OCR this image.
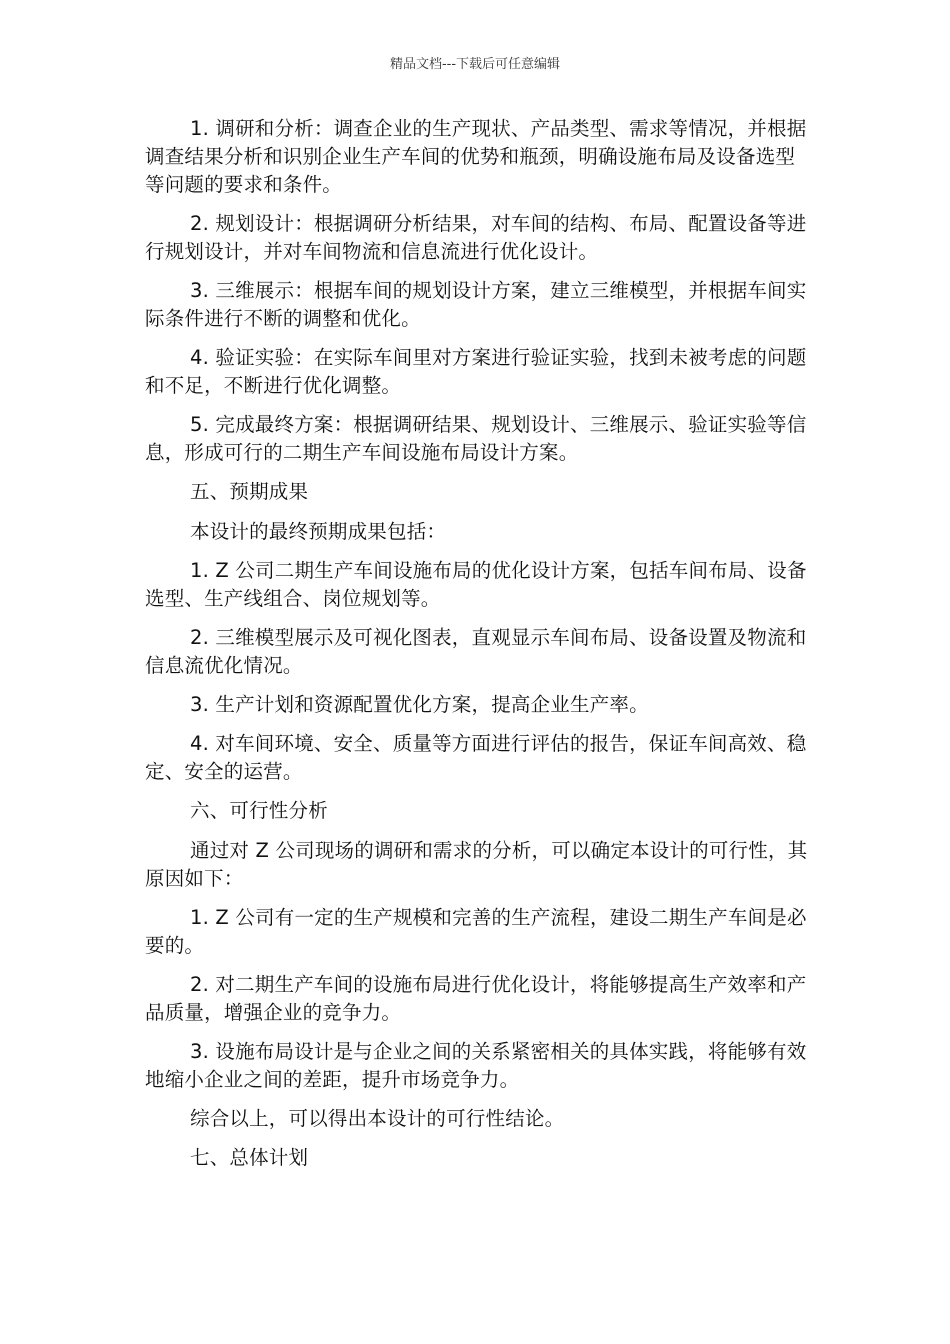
精品文档---下载后可任意编辑

1. 调研和分析：调查企业的生产现状、产品类型、需求等情况，并根据调查结果分析和识别企业生产车间的优势和瓶颈，明确设施布局及设备选型等问题的要求和条件。

2. 规划设计：根据调研分析结果，对车间的结构、布局、配置设备等进行规划设计，并对车间物流和信息流进行优化设计。

3. 三维展示：根据车间的规划设计方案，建立三维模型，并根据车间实际条件进行不断的调整和优化。

4. 验证实验：在实际车间里对方案进行验证实验，找到未被考虑的问题和不足，不断进行优化调整。

5. 完成最终方案：根据调研结果、规划设计、三维展示、验证实验等信息，形成可行的二期生产车间设施布局设计方案。

五、预期成果

本设计的最终预期成果包括：

1. Z 公司二期生产车间设施布局的优化设计方案，包括车间布局、设备选型、生产线组合、岗位规划等。

2. 三维模型展示及可视化图表，直观显示车间布局、设备设置及物流和信息流优化情况。

3. 生产计划和资源配置优化方案，提高企业生产率。

4. 对车间环境、安全、质量等方面进行评估的报告，保证车间高效、稳定、安全的运营。

六、可行性分析

通过对 Z 公司现场的调研和需求的分析，可以确定本设计的可行性，其原因如下：

1. Z 公司有一定的生产规模和完善的生产流程，建设二期生产车间是必要的。

2. 对二期生产车间的设施布局进行优化设计，将能够提高生产效率和产品质量，增强企业的竞争力。

3. 设施布局设计是与企业之间的关系紧密相关的具体实践，将能够有效地缩小企业之间的差距，提升市场竞争力。

综合以上，可以得出本设计的可行性结论。

七、总体计划
